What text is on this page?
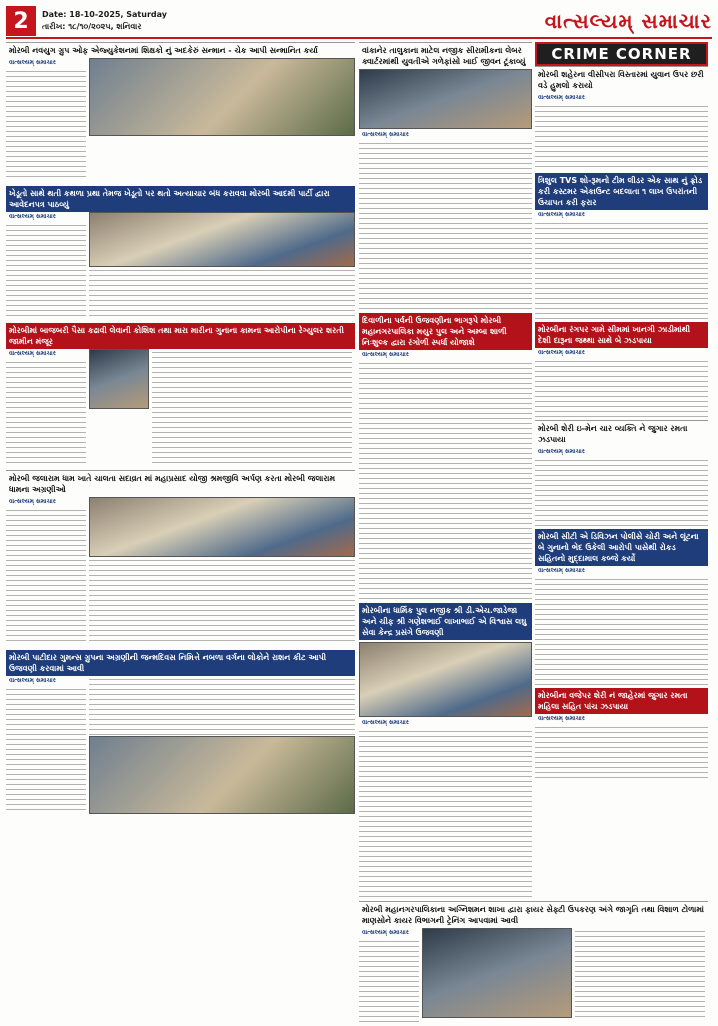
2	Date: 18-10-2025, Saturday
તારીખ: ૧૮/૧૦/૨૦૨૫, શનિવાર	વાત્સલ્યમ્ સમાચાર
મોરબી નવયુગ ગ્રુપ ઓફ એજ્યુકેશનમાં શિક્ષકો નું અદકેરું સન્માન - ચેક આપી સન્માનિત કર્યા
વાત્સલ્યમ્ સમાચાર
ખેડૂતો સાથે થતી કથળા પ્રથા તેમજ ખેડૂતો પર થતો અત્યાચાર બંધ કરાવવા મોરબી આદમી પાર્ટી દ્વારા આવેદનપત્ર પાઠવ્યું
વાત્સલ્યમ્ સમાચાર
મોરબીમાં બાજબરી પૈસા કઢાવી લેવાની કોશિશ તથા મારા મારીના ગુનાના કામના આરોપીના રેગ્યુલર શરતી જામીન મંજૂર
વાત્સલ્યમ્ સમાચાર
મોરબી જલારામ ધામ ખાતે ચાલતા સદાવ્રત માં મહાપ્રસાદ યોજી શ્રમજીવિ અર્પણ કરતા મોરબી જલારામ ધામના અગ્રણીઓ
વાત્સલ્યમ્ સમાચાર
મોરબી પાટીદાર ગુમન્સ ગ્રુપના અગ્રણીની જન્મદિવસ નિમિત્તે નબળા વર્ગના લોકોને રાશન કીટ આપી ઉજવણી કરવામાં આવી
વાત્સલ્યમ્ સમાચાર
વાંકાનેર તાલુકાના માટેલ નજીક સીરામીકના લેબર ક્વાર્ટરમાંથી યુવતીએ ગળેફાંસો ખાઈ જીવન ટૂંકાવ્યું
વાત્સલ્યમ્ સમાચાર
દિવાળીના પર્વની ઉજવણીના ભાગરૂપે મોરબી મહાનગરપાલિકા મયુર પુલ અને અમ્બા શાળી નિઃશુલ્ક દ્વારા રંગોળી સ્પર્ધા યોજાશે
વાત્સલ્યમ્ સમાચાર
મોરબીના ધાર્મિક પુલ નજીક શ્રી ડી.એચ.જાડેજા અને ચીફ શ્રી ગણેશભાઈ લાખાભાઈ એ વિશ્વાસ લઘુ સેવા કેન્દ્ર પ્રસંગે ઉજવણી
વાત્સલ્યમ્ સમાચાર
CRIME CORNER
મોરબી શહેરના વીસીપરા વિસ્તારમાં યુવાન ઉપર છરી વડે હુમલો કરાયો
વાત્સલ્યમ્ સમાચાર
ત્રિશુલ TVS શો-રૂમનો ટીમ લીડર એક સાથ નું ફ્રોડ કરી કસ્ટમર એકાઉન્ટ બદલાતા ૧ લાખ ઉપરાંતની ઉચાપત કરી ફરાર
વાત્સલ્યમ્ સમાચાર
મોરબીના રંગપર ગામે સીમમાં ખાનગી ઝાડીમાંથી દેશી દારૂના જથ્થા સાથે બે ઝડપાયા
વાત્સલ્યમ્ સમાચાર
મોરબી શેરી ઇ-મેન ચાર વ્યક્તિ ને જુગાર રમતા ઝડપાયા
વાત્સલ્યમ્ સમાચાર
મોરબી સીટી એ ડિવિઝન પોલીસે ચોરી અને લૂંટના બે ગુનાનો ભેદ ઉકેલી આરોપી પાસેથી રોકડ સહિતનો મુદ્દામાલ કબ્જે કર્યો
વાત્સલ્યમ્ સમાચાર
મોરબીના વજેપર શેરી નં જાહેરમાં જુગાર રમતા મહિલા સહિત પાંચ ઝડપાયા
વાત્સલ્યમ્ સમાચાર
મોરબી મહાનગરપાલિકાના અગ્નિશમન શાખા દ્વારા ફાયર સેફ્ટી ઉપકરણ અંગે જાગૃતિ તથા વિશાળ ટોળામાં માણસોને કાયર વિભાગની ટ્રેનિંગ આપવામાં આવી
વાત્સલ્યમ્ સમાચાર
